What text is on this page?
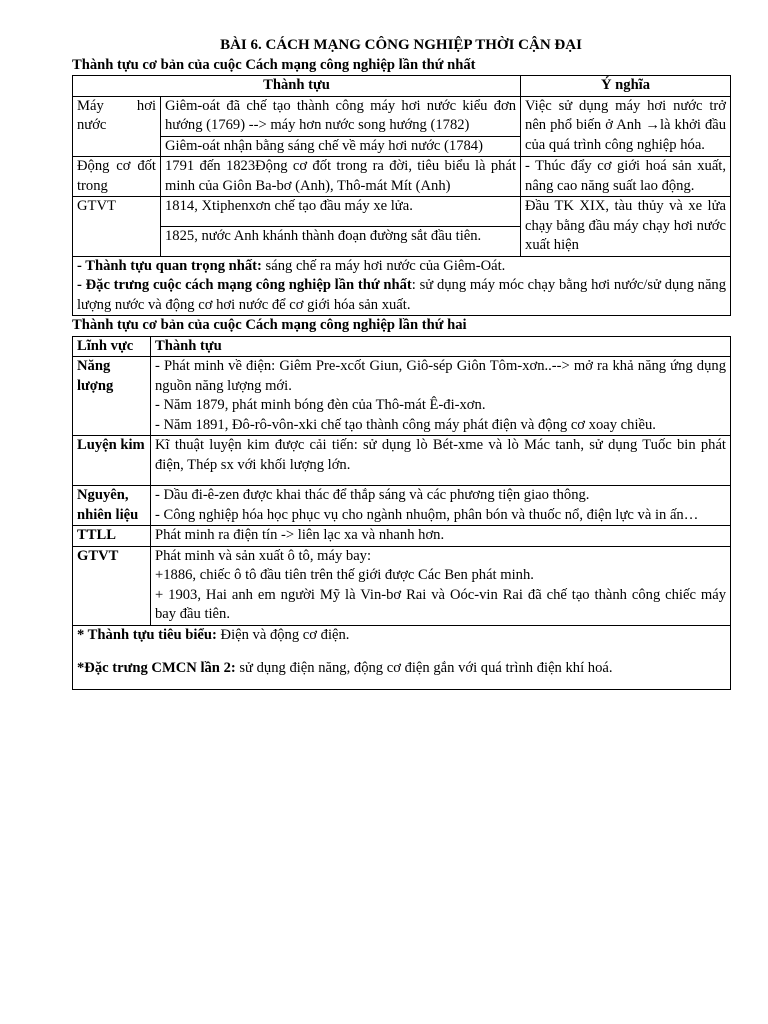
BÀI 6. CÁCH MẠNG CÔNG NGHIỆP THỜI CẬN ĐẠI

Thành tựu cơ bản của cuộc Cách mạng công nghiệp lần thứ nhất

Thành tựu		Ý nghĩa
Máy hơi nước	Giêm-oát đã chế tạo thành công máy hơi nước kiểu đơn hướng (1769) --> máy hơn nước song hướng (1782)	Việc sử dụng máy hơi nước trở nên phổ biến ở Anh →là khởi đầu của quá trình công nghiệp hóa.
	Giêm-oát nhận bằng sáng chế về máy hơi nước (1784)	
Động cơ đốt trong	1791 đến 1823Động cơ đốt trong ra đời, tiêu biểu là phát minh của Giôn Ba-bơ (Anh), Thô-mát Mít (Anh)	- Thúc đẩy cơ giới hoá sản xuất, nâng cao năng suất lao động.
GTVT	1814, Xtiphenxơn chế tạo đầu máy xe lửa.	Đầu TK XIX, tàu thủy và xe lửa chạy bằng đầu máy chạy hơi nước xuất hiện
	1825, nước Anh khánh thành đoạn đường sắt đầu tiên.	

- Thành tựu quan trọng nhất: sáng chế ra máy hơi nước của Giêm-Oát.
- Đặc trưng cuộc cách mạng công nghiệp lần thứ nhất: sử dụng máy móc chạy bằng hơi nước/sử dụng năng lượng nước và động cơ hơi nước để cơ giới hóa sản xuất.		

Thành tựu cơ bản của cuộc Cách mạng công nghiệp lần thứ hai

Lĩnh vực	Thành tựu
Năng lượng	- Phát minh về điện: Giêm Pre-xcốt Giun, Giô-sép Giôn Tôm-xơn..--> mở ra khả năng ứng dụng nguồn năng lượng mới.
- Năm 1879, phát minh bóng đèn của Thô-mát Ê-đi-xơn.
- Năm 1891, Đô-rô-vôn-xki chế tạo thành công máy phát điện và động cơ xoay chiều.

Luyện kim	Kĩ thuật luyện kim được cải tiến: sử dụng lò Bét-xme và lò Mác tanh, sử dụng Tuốc bin phát điện, Thép sx với khối lượng lớn.
Nguyên, nhiên liệu	- Dầu đi-ê-zen được khai thác để thắp sáng và các phương tiện giao thông.
- Công nghiệp hóa học phục vụ cho ngành nhuộm, phân bón và thuốc nổ, điện lực và in ấn…

TTLL	Phát minh ra điện tín -> liên lạc xa và nhanh hơn.
GTVT	Phát minh và sản xuất ô tô, máy bay:
+1886, chiếc ô tô đầu tiên trên thế giới được Các Ben phát minh.
+ 1903, Hai anh em người Mỹ là Vin-bơ Rai và Oóc-vin Rai đã chế tạo thành công chiếc máy bay đầu tiên.

* Thành tựu tiêu biểu: Điện và động cơ điện.
*Đặc trưng CMCN lần 2: sử dụng điện năng, động cơ điện gắn với quá trình điện khí hoá.	
